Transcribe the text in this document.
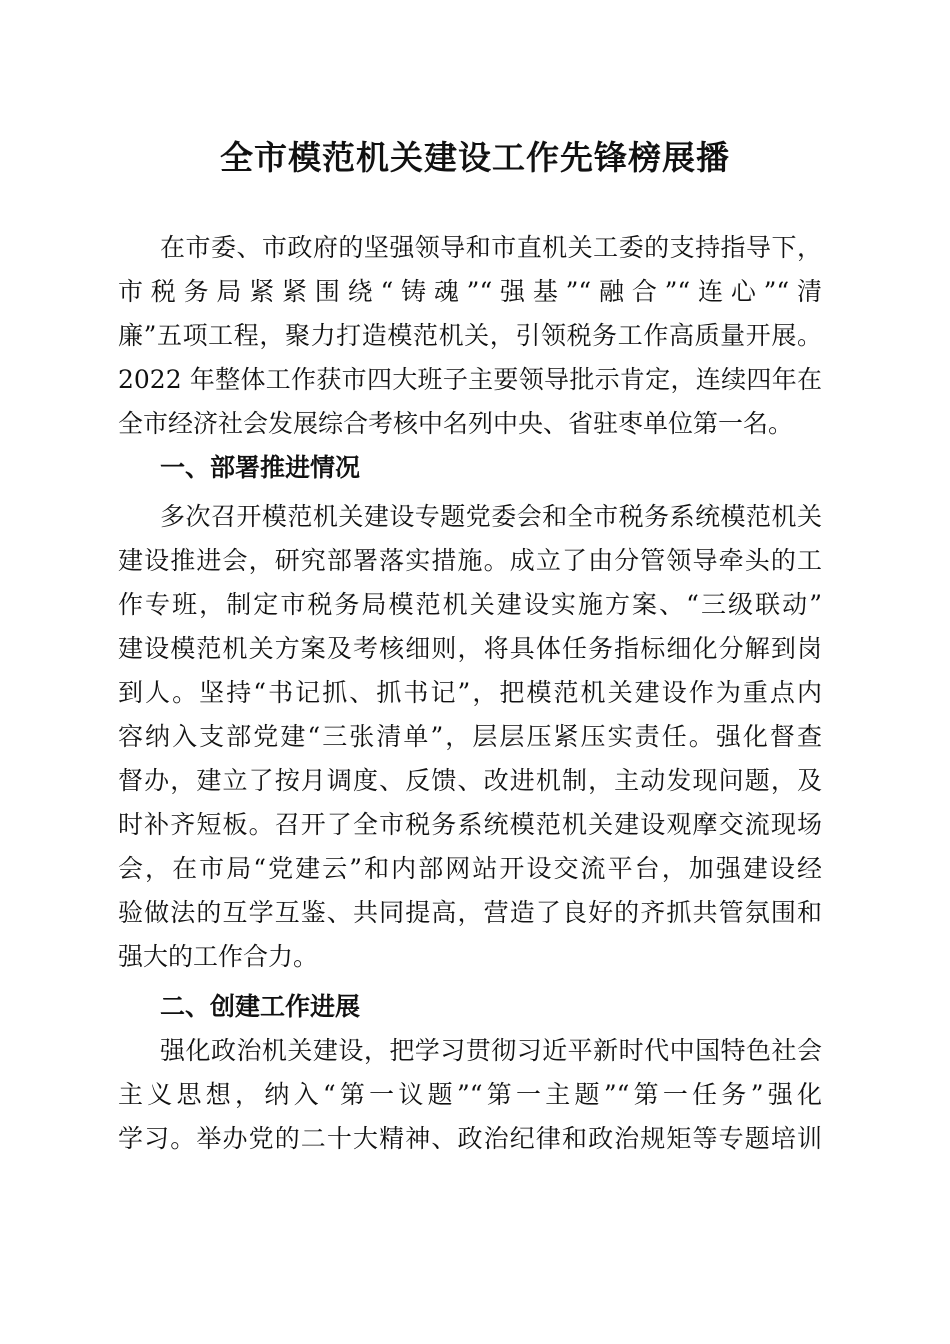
全市模范机关建设工作先锋榜展播
在市委、市政府的坚强领导和市直机关工委的支持指导下，
市税务局紧紧围绕“铸魂”“强基”“融合”“连心”“清
廉”五项工程，聚力打造模范机关，引领税务工作高质量开展。
2022 年整体工作获市四大班子主要领导批示肯定，连续四年在
全市经济社会发展综合考核中名列中央、省驻枣单位第一名。
一、部署推进情况
多次召开模范机关建设专题党委会和全市税务系统模范机关
建设推进会，研究部署落实措施。成立了由分管领导牵头的工
作专班，制定市税务局模范机关建设实施方案、“三级联动”
建设模范机关方案及考核细则，将具体任务指标细化分解到岗
到人。坚持“书记抓、抓书记”，把模范机关建设作为重点内
容纳入支部党建“三张清单”，层层压紧压实责任。强化督查
督办，建立了按月调度、反馈、改进机制，主动发现问题，及
时补齐短板。召开了全市税务系统模范机关建设观摩交流现场
会，在市局“党建云”和内部网站开设交流平台，加强建设经
验做法的互学互鉴、共同提高，营造了良好的齐抓共管氛围和
强大的工作合力。
二、创建工作进展
强化政治机关建设，把学习贯彻习近平新时代中国特色社会
主义思想，纳入“第一议题”“第一主题”“第一任务”强化
学习。举办党的二十大精神、政治纪律和政治规矩等专题培训
